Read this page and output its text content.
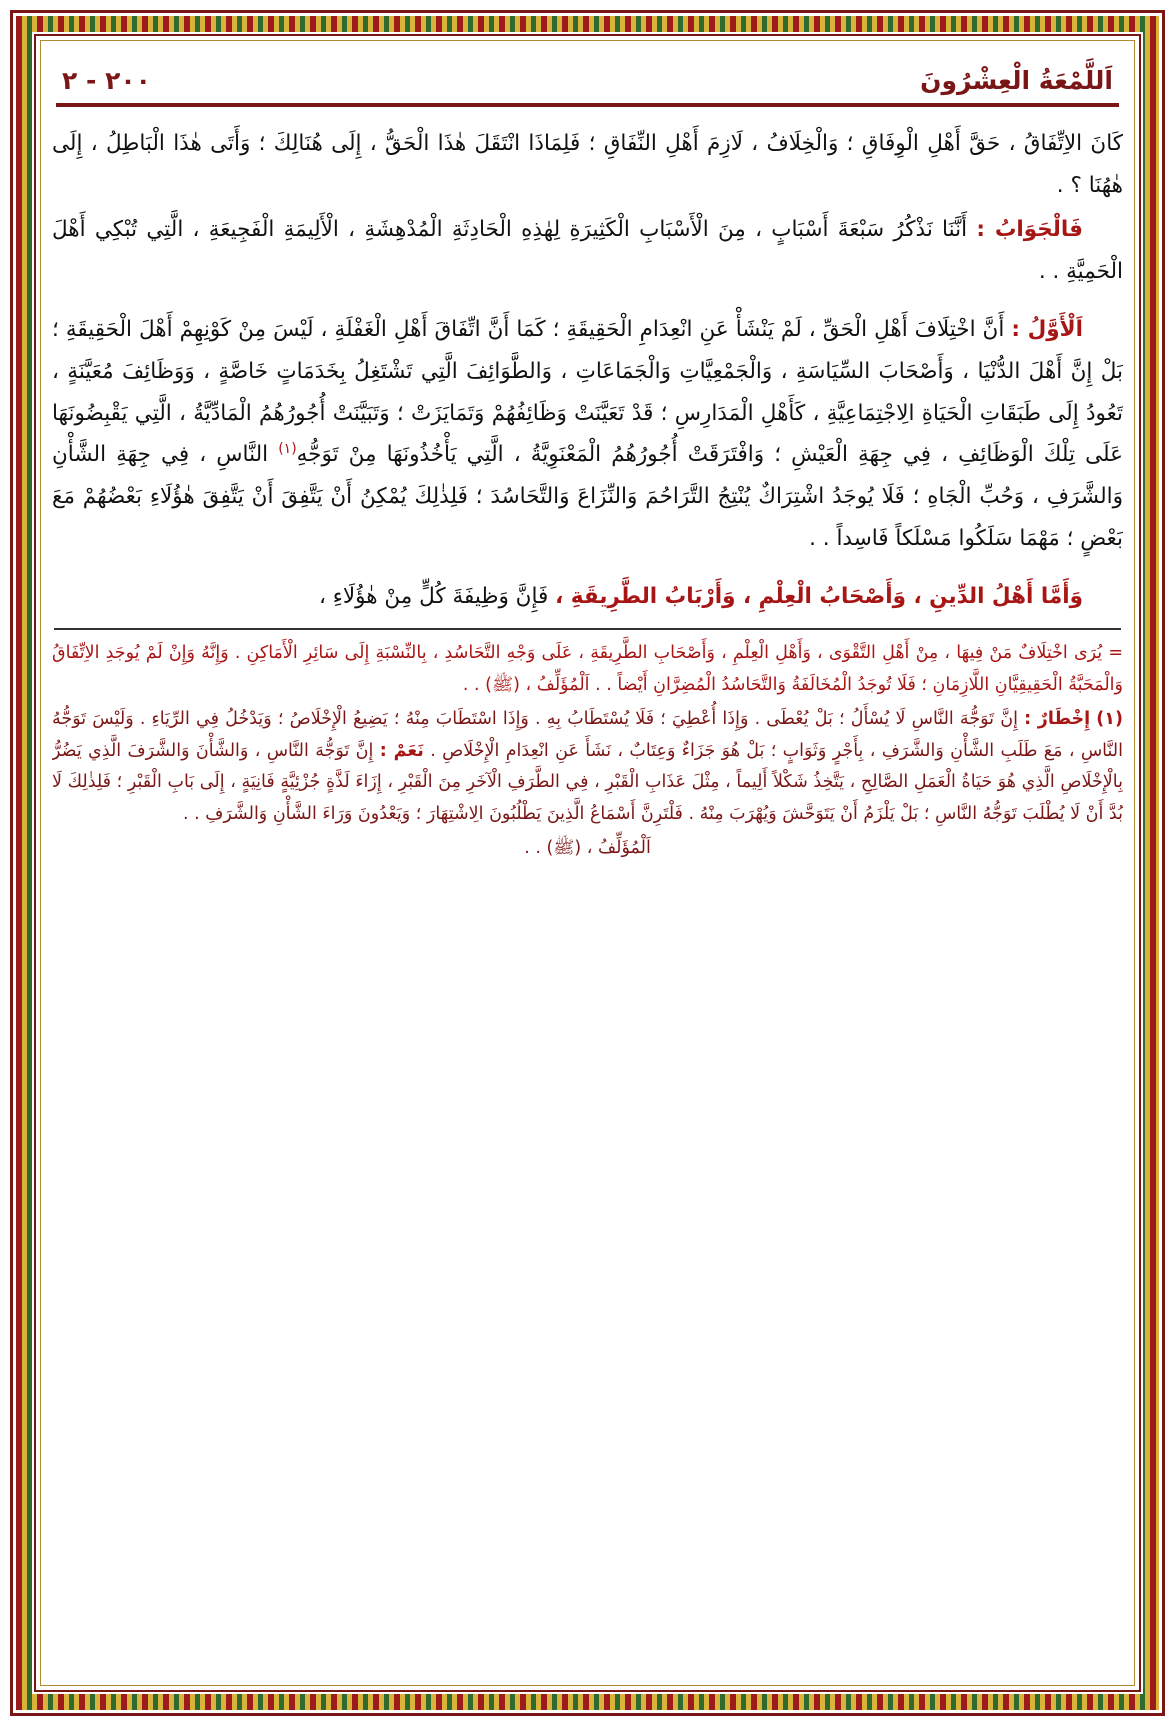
٢٠٠ - ٢	اَللَّمْعَةُ الْعِشْرُونَ

كَانَ الاِتِّفَاقُ ، حَقَّ أَهْلِ الْوِفَاقِ ؛ وَالْخِلَافُ ، لَازِمَ أَهْلِ النِّفَاقِ ؛ فَلِمَاذَا انْتَقَلَ هٰذَا الْحَقُّ ، إِلَى هُنَالِكَ ؛ وَأَتَى هٰذَا الْبَاطِلُ ، إِلَى هٰهُنَا ؟ .

فَالْجَوَابُ : أَنَّنَا نَذْكُرُ سَبْعَةَ أَسْبَابٍ ، مِنَ الْأَسْبَابِ الْكَثِيرَةِ لِهٰذِهِ الْحَادِثَةِ الْمُدْهِشَةِ ، الْأَلِيمَةِ الْفَجِيعَةِ ، الَّتِي تُبْكِي أَهْلَ الْحَمِيَّةِ . .

اَلْأَوَّلُ : أَنَّ اخْتِلَافَ أَهْلِ الْحَقِّ ، لَمْ يَنْشَأْ عَنِ انْعِدَامِ الْحَقِيقَةِ ؛ كَمَا أَنَّ اتِّفَاقَ أَهْلِ الْغَفْلَةِ ، لَيْسَ مِنْ كَوْنِهِمْ أَهْلَ الْحَقِيقَةِ ؛ بَلْ إِنَّ أَهْلَ الدُّنْيَا ، وَأَصْحَابَ السِّيَاسَةِ ، وَالْجَمْعِيَّاتِ وَالْجَمَاعَاتِ ، وَالطَّوَائِفَ الَّتِي تَشْتَغِلُ بِخَدَمَاتٍ خَاصَّةٍ ، وَوَظَائِفَ مُعَيَّنَةٍ ، تَعُودُ إِلَى طَبَقَاتِ الْحَيَاةِ الِاجْتِمَاعِيَّةِ ، كَأَهْلِ الْمَدَارِسِ ؛ قَدْ تَعَيَّنَتْ وَظَائِفُهُمْ وَتَمَايَزَتْ ؛ وَتَبَيَّنَتْ أُجُورُهُمُ الْمَادِّيَّةُ ، الَّتِي يَقْبِضُونَهَا عَلَى تِلْكَ الْوَظَائِفِ ، فِي جِهَةِ الْعَيْشِ ؛ وَافْتَرَقَتْ أُجُورُهُمُ الْمَعْنَوِيَّةُ ، الَّتِي يَأْخُذُونَهَا مِنْ تَوَجُّهِ$^{(١)}$ النَّاسِ ، فِي جِهَةِ الشَّأْنِ وَالشَّرَفِ ، وَحُبِّ الْجَاهِ ؛ فَلَا يُوجَدُ اشْتِرَاكٌ يُنْتِجُ التَّرَاحُمَ وَالنِّزَاعَ وَالتَّحَاسُدَ ؛ فَلِذٰلِكَ يُمْكِنُ أَنْ يَتَّفِقَ أَنْ يَتَّفِقَ هٰؤُلَاءِ بَعْضُهُمْ مَعَ بَعْضٍ ؛ مَهْمَا سَلَكُوا مَسْلَكاً فَاسِداً . .

وَأَمَّا أَهْلُ الدِّينِ ، وَأَصْحَابُ الْعِلْمِ ، وَأَرْبَابُ الطَّرِيقَةِ ، فَإِنَّ وَظِيفَةَ كُلٍّ مِنْ هٰؤُلَاءِ ،

= يُرَى اخْتِلَافٌ مَنْ فِيهَا ، مِنْ أَهْلِ التَّقْوَى ، وَأَهْلِ الْعِلْمِ ، وَأَصْحَابِ الطَّرِيقَةِ ، عَلَى وَجْهِ التَّحَاسُدِ ، بِالنِّسْبَةِ إِلَى سَائِرِ الْأَمَاكِنِ . وَإِنَّهُ وَإِنْ لَمْ يُوجَدِ الاِتِّفَاقُ وَالْمَحَبَّةُ الْحَقِيقِيَّانِ اللَّازِمَانِ ؛ فَلَا تُوجَدُ الْمُخَالَفَةُ وَالتَّحَاسُدُ الْمُضِرَّانِ أَيْضاً . . اَلْمُؤَلِّفُ ، (ﷺ) . .

(١) إِخْطَارٌ : إِنَّ تَوَجُّهَ النَّاسِ لَا يُسْأَلُ ؛ بَلْ يُعْطَى . وَإِذَا أُعْطِيَ ؛ فَلَا يُسْتَطَابُ بِهِ . وَإِذَا اسْتَطَابَ مِنْهُ ؛ يَضِيعُ الْإِخْلَاصُ ؛ وَيَدْخُلُ فِي الرِّيَاءِ . وَلَيْسَ تَوَجُّهُ النَّاسِ ، مَعَ طَلَبِ الشَّأْنِ وَالشَّرَفِ ، بِأَجْرٍ وَثَوَابٍ ؛ بَلْ هُوَ جَزَاءٌ وَعِتَابٌ ، نَشَأَ عَنِ انْعِدَامِ الْإِخْلَاصِ . نَعَمْ : إِنَّ تَوَجُّهَ النَّاسِ ، وَالشَّأْنَ وَالشَّرَفَ الَّذِي يَضُرُّ بِالْإِخْلَاصِ الَّذِي هُوَ حَيَاةُ الْعَمَلِ الصَّالِحِ ، يَتَّخِذُ شَكْلاً أَلِيماً ، مِثْلَ عَذَابِ الْقَبْرِ ، فِي الطَّرَفِ الْآخَرِ مِنَ الْقَبْرِ ، إِزَاءَ لَذَّةٍ جُزْئِيَّةٍ فَانِيَةٍ ، إِلَى بَابِ الْقَبْرِ ؛ فَلِذٰلِكَ لَا بُدَّ أَنْ لَا يُطْلَبَ تَوَجُّهُ النَّاسِ ؛ بَلْ يَلْزَمُ أَنْ يَتَوَحَّشَ وَيُهْرَبَ مِنْهُ . فَلْتَرِنَّ أَسْمَاعُ الَّذِينَ يَطْلُبُونَ الِاشْتِهَارَ ؛ وَيَعْدُونَ وَرَاءَ الشَّأْنِ وَالشَّرَفِ . .

اَلْمُؤَلِّفُ ، (ﷺ) . .
